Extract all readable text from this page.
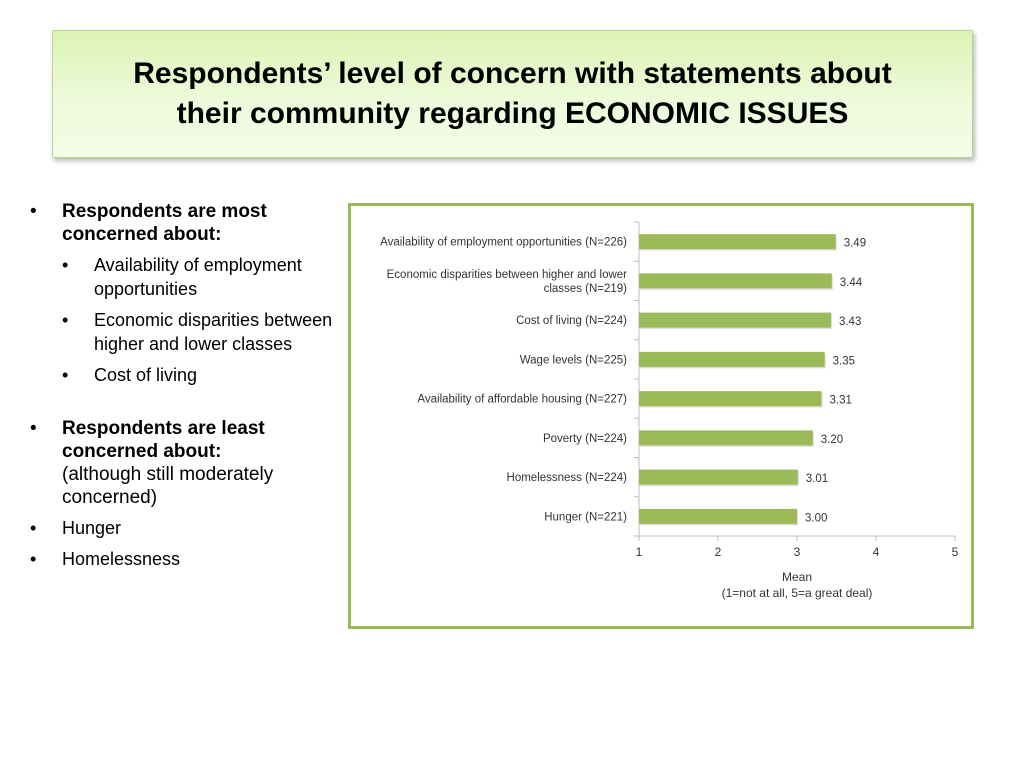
Respondents’ level of concern with statements about
their community regarding ECONOMIC ISSUES
• Respondents are most concerned about:
• Availability of employment opportunities
• Economic disparities between higher and lower classes
• Cost of living
• Respondents are least concerned about:
(although still moderately concerned)
• Hunger
• Homelessness	1	2	3	4	5
3.49
Availability of employment opportunities (N=226)
3.44
Economic disparities between higher and lower classes (N=219)
3.43
Cost of living (N=224)
3.35
Wage levels (N=225)
3.31
Availability of affordable housing (N=227)
3.20
Poverty (N=224)
3.01
Homelessness (N=224)
3.00
Hunger (N=221)
Mean
(1=not at all, 5=a great deal)
